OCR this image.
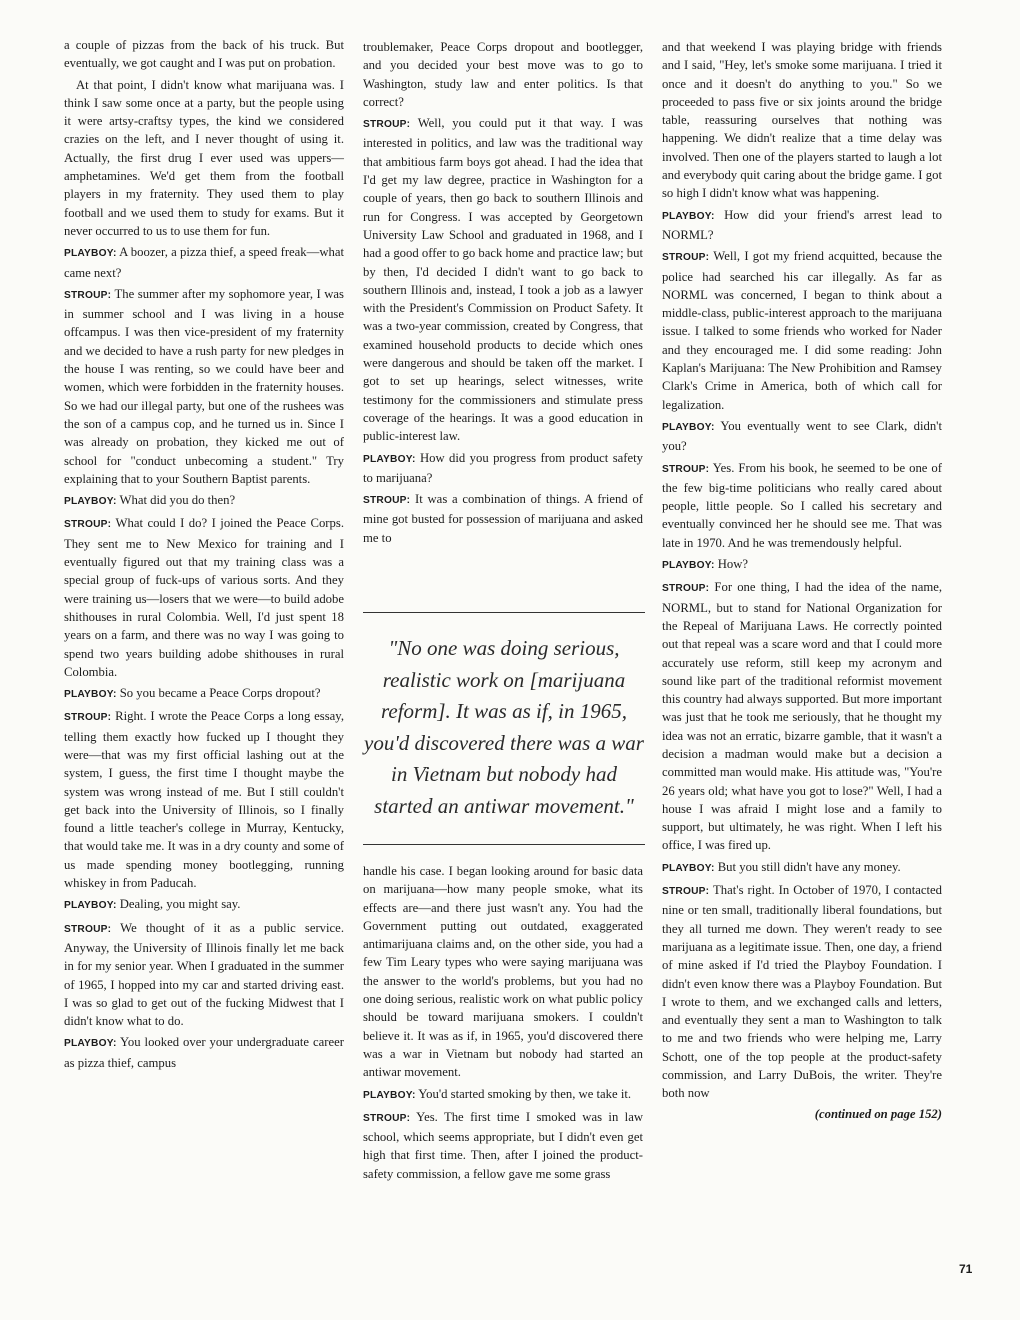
a couple of pizzas from the back of his truck. But eventually, we got caught and I was put on probation.

At that point, I didn't know what marijuana was. I think I saw some once at a party, but the people using it were artsy-craftsy types, the kind we considered crazies on the left, and I never thought of using it. Actually, the first drug I ever used was uppers—amphetamines. We'd get them from the football players in my fraternity. They used them to play football and we used them to study for exams. But it never occurred to us to use them for fun.

PLAYBOY: A boozer, a pizza thief, a speed freak—what came next?

STROUP: The summer after my sophomore year, I was in summer school and I was living in a house offcampus. I was then vice-president of my fraternity and we decided to have a rush party for new pledges in the house I was renting, so we could have beer and women, which were forbidden in the fraternity houses. So we had our illegal party, but one of the rushees was the son of a campus cop, and he turned us in. Since I was already on probation, they kicked me out of school for "conduct unbecoming a student." Try explaining that to your Southern Baptist parents.

PLAYBOY: What did you do then?

STROUP: What could I do? I joined the Peace Corps. They sent me to New Mexico for training and I eventually figured out that my training class was a special group of fuck-ups of various sorts. And they were training us—losers that we were—to build adobe shithouses in rural Colombia. Well, I'd just spent 18 years on a farm, and there was no way I was going to spend two years building adobe shithouses in rural Colombia.

PLAYBOY: So you became a Peace Corps dropout?

STROUP: Right. I wrote the Peace Corps a long essay, telling them exactly how fucked up I thought they were—that was my first official lashing out at the system, I guess, the first time I thought maybe the system was wrong instead of me. But I still couldn't get back into the University of Illinois, so I finally found a little teacher's college in Murray, Kentucky, that would take me. It was in a dry county and some of us made spending money bootlegging, running whiskey in from Paducah.

PLAYBOY: Dealing, you might say.

STROUP: We thought of it as a public service. Anyway, the University of Illinois finally let me back in for my senior year. When I graduated in the summer of 1965, I hopped into my car and started driving east. I was so glad to get out of the fucking Midwest that I didn't know what to do.

PLAYBOY: You looked over your undergraduate career as pizza thief, campus

troublemaker, Peace Corps dropout and bootlegger, and you decided your best move was to go to Washington, study law and enter politics. Is that correct?

STROUP: Well, you could put it that way. I was interested in politics, and law was the traditional way that ambitious farm boys got ahead. I had the idea that I'd get my law degree, practice in Washington for a couple of years, then go back to southern Illinois and run for Congress. I was accepted by Georgetown University Law School and graduated in 1968, and I had a good offer to go back home and practice law; but by then, I'd decided I didn't want to go back to southern Illinois and, instead, I took a job as a lawyer with the President's Commission on Product Safety. It was a two-year commission, created by Congress, that examined household products to decide which ones were dangerous and should be taken off the market. I got to set up hearings, select witnesses, write testimony for the commissioners and stimulate press coverage of the hearings. It was a good education in public-interest law.

PLAYBOY: How did you progress from product safety to marijuana?

STROUP: It was a combination of things. A friend of mine got busted for possession of marijuana and asked me to

"No one was doing serious, realistic work on [marijuana reform]. It was as if, in 1965, you'd discovered there was a war in Vietnam but nobody had started an antiwar movement."

handle his case. I began looking around for basic data on marijuana—how many people smoke, what its effects are—and there just wasn't any. You had the Government putting out outdated, exaggerated antimarijuana claims and, on the other side, you had a few Tim Leary types who were saying marijuana was the answer to the world's problems, but you had no one doing serious, realistic work on what public policy should be toward marijuana smokers. I couldn't believe it. It was as if, in 1965, you'd discovered there was a war in Vietnam but nobody had started an antiwar movement.

PLAYBOY: You'd started smoking by then, we take it.

STROUP: Yes. The first time I smoked was in law school, which seems appropriate, but I didn't even get high that first time. Then, after I joined the product-safety commission, a fellow gave me some grass

and that weekend I was playing bridge with friends and I said, "Hey, let's smoke some marijuana. I tried it once and it doesn't do anything to you." So we proceeded to pass five or six joints around the bridge table, reassuring ourselves that nothing was happening. We didn't realize that a time delay was involved. Then one of the players started to laugh a lot and everybody quit caring about the bridge game. I got so high I didn't know what was happening.

PLAYBOY: How did your friend's arrest lead to NORML?

STROUP: Well, I got my friend acquitted, because the police had searched his car illegally. As far as NORML was concerned, I began to think about a middle-class, public-interest approach to the marijuana issue. I talked to some friends who worked for Nader and they encouraged me. I did some reading: John Kaplan's Marijuana: The New Prohibition and Ramsey Clark's Crime in America, both of which call for legalization.

PLAYBOY: You eventually went to see Clark, didn't you?

STROUP: Yes. From his book, he seemed to be one of the few big-time politicians who really cared about people, little people. So I called his secretary and eventually convinced her he should see me. That was late in 1970. And he was tremendously helpful.

PLAYBOY: How?

STROUP: For one thing, I had the idea of the name, NORML, but to stand for National Organization for the Repeal of Marijuana Laws. He correctly pointed out that repeal was a scare word and that I could more accurately use reform, still keep my acronym and sound like part of the traditional reformist movement this country had always supported. But more important was just that he took me seriously, that he thought my idea was not an erratic, bizarre gamble, that it wasn't a decision a madman would make but a decision a committed man would make. His attitude was, "You're 26 years old; what have you got to lose?" Well, I had a house I was afraid I might lose and a family to support, but ultimately, he was right. When I left his office, I was fired up.

PLAYBOY: But you still didn't have any money.

STROUP: That's right. In October of 1970, I contacted nine or ten small, traditionally liberal foundations, but they all turned me down. They weren't ready to see marijuana as a legitimate issue. Then, one day, a friend of mine asked if I'd tried the Playboy Foundation. I didn't even know there was a Playboy Foundation. But I wrote to them, and we exchanged calls and letters, and eventually they sent a man to Washington to talk to me and two friends who were helping me, Larry Schott, one of the top people at the product-safety commission, and Larry DuBois, the writer. They're both now

(continued on page 152)
71
